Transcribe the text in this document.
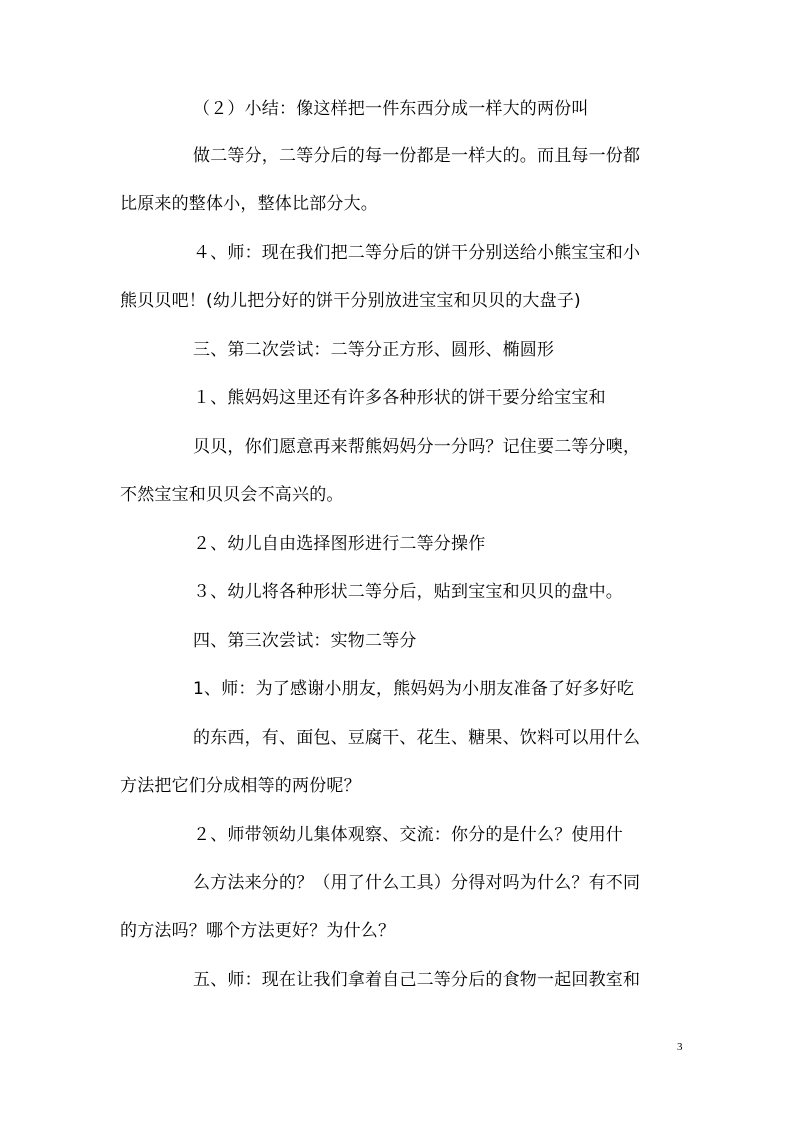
（２）小结：像这样把一件东西分成一样大的两份叫
做二等分，二等分后的每一份都是一样大的。而且每一份都
比原来的整体小，整体比部分大。
４、师：现在我们把二等分后的饼干分别送给小熊宝宝和小
熊贝贝吧！(幼儿把分好的饼干分别放进宝宝和贝贝的大盘子)
三、第二次尝试：二等分正方形、圆形、椭圆形
１、熊妈妈这里还有许多各种形状的饼干要分给宝宝和
贝贝，你们愿意再来帮熊妈妈分一分吗？记住要二等分噢，
不然宝宝和贝贝会不高兴的。
２、幼儿自由选择图形进行二等分操作
３、幼儿将各种形状二等分后，贴到宝宝和贝贝的盘中。
四、第三次尝试：实物二等分
1、师：为了感谢小朋友，熊妈妈为小朋友准备了好多好吃
的东西，有、面包、豆腐干、花生、糖果、饮料可以用什么
方法把它们分成相等的两份呢？
２、师带领幼儿集体观察、交流：你分的是什么？使用什
么方法来分的？（用了什么工具）分得对吗为什么？有不同
的方法吗？哪个方法更好？为什么？
五、师：现在让我们拿着自己二等分后的食物一起回教室和
3
